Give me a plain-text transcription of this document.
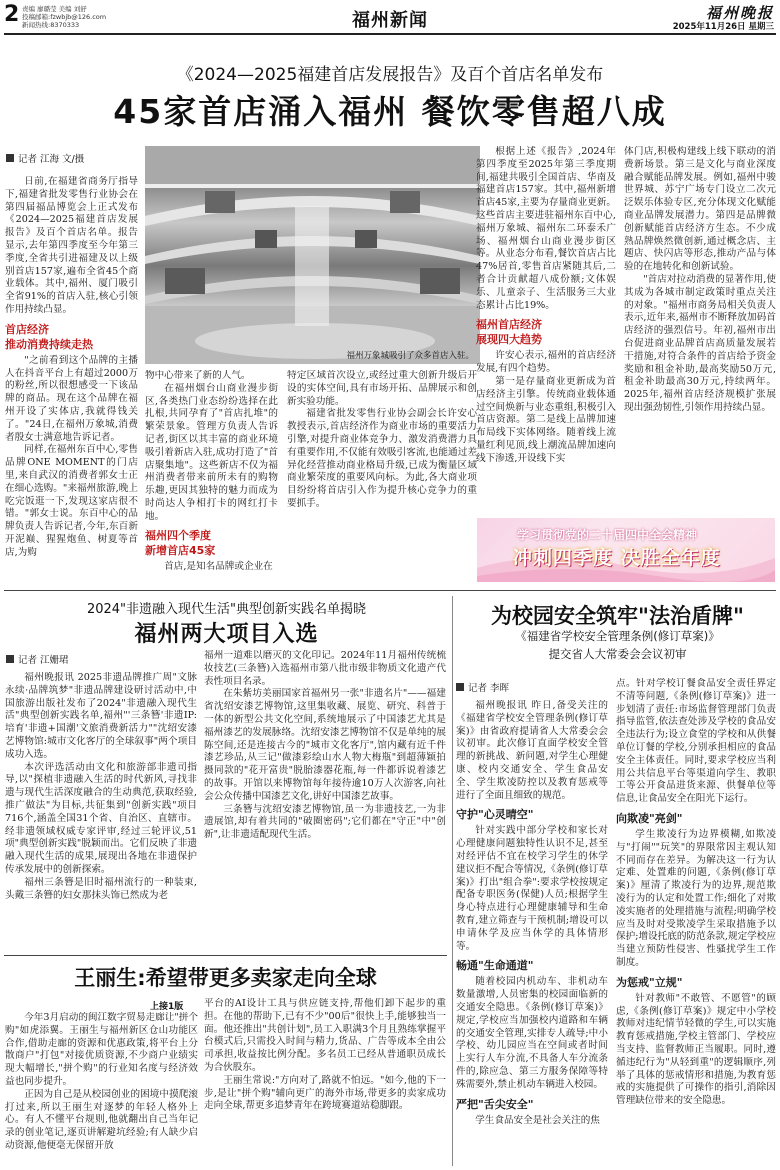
2 责编 廖璐莹 美编 刘舒
投稿邮箱:fzwbjb@126.com
新闻热线:8370333	福州新闻	福州晚报
2025年11月26日 星期三
《2024—2025福建首店发展报告》及百个首店名单发布
45家首店涌入福州 餐饮零售超八成
记者 江海 文/摄

日前,在福建省商务厅指导下,福建省批发零售行业协会在第四届福品博览会上正式发布《2024—2025福建首店发展报告》及百个首店名单。报告显示,去年第四季度至今年第三季度,全省共引进福建及以上级别首店157家,遍布全省45个商业载体。其中,福州、厦门吸引全省91%的首店入驻,核心引领作用持续凸显。

首店经济
推动消费持续走热

"之前看到这个品牌的主播人在抖音平台上有超过2000万的粉丝,所以很想感受一下该品牌的商品。现在这个品牌在福州开设了实体店,我就得钱关了。"24日,在福州万象城,消费者殷女士满意地告诉记者。

同样,在福州东百中心,零售品牌ONE MOMENT的门店里,来自武汉的消费者郭女士正在细心选购。"来福州旅游,晚上吃完饭逛一下,发现这家店很不错。"郭女士说。东百中心的品牌负责人告诉记者,今年,东百新开泥巅、猩猩炮鱼、树夏等首店,为购

福州万象城吸引了众多首店入驻。

物中心带来了新的人气。

在福州烟台山商业漫步街区,各类热门业态纷纷选择在此扎根,共同孕育了"首店扎堆"的繁荣景象。管理方负责人告诉记者,街区以其丰富的商业环境吸引着新店入驻,成功打造了"首店聚集地"。这些新店不仅为福州消费者带来前所未有的购物乐趣,更因其独特的魅力而成为时尚达人争相打卡的网红打卡地。

福州四个季度
新增首店45家

首店,是知名品牌或企业在

特定区域首次设立,或经过重大创新升级后开设的实体空间,具有市场开拓、品牌展示和创新实验功能。

福建省批发零售行业协会副会长许安心教授表示,首店经济作为商业市场的重要活力引擎,对提升商业体竞争力、激发消费潜力具有重要作用,不仅能有效吸引客流,也能通过差异化经营推动商业格局升级,已成为衡量区域商业繁荣度的重要风向标。为此,各大商业项目纷纷将首店引入作为提升核心竞争力的重要抓手。

根据上述《报告》,2024年第四季度至2025年第三季度期间,福建共吸引全国首店、华南及福建首店157家。其中,福州新增首店45家,主要为存量商业更新。这些首店主要进驻福州东百中心,福州万象城、福州东二环泰禾广场、福州烟台山商业漫步街区等。从业态分布看,餐饮首店占比47%居首,零售首店紧随其后,二者合计贡献超八成份额;文体娱乐、儿童亲子、生活服务三大业态累计占比19%。

福州首店经济
展现四大趋势

许安心表示,福州的首店经济发展,有四个趋势。

第一是存量商业更新成为首店经济主引擎。传统商业载体通过空间焕新与业态重组,积极引入首店资源。第二是线上品牌加速布局线下实体网络。随着线上流量红利见顶,线上潮流品牌加速向线下渗透,开设线下实

体门店,积极构建线上线下联动的消费新场景。第三是文化与商业深度融合赋能品牌发展。例如,福州中骏世界城、苏宁广场专门设立二次元泛娱乐体验专区,充分体现文化赋能商业品牌发展潜力。第四是品牌微创新赋能首店经济方生态。不少成熟品牌焕然微创新,通过概念店、主题店、快闪店等形态,推动产品与体验的在地转化和创新试验。

"首店对拉动消费的显著作用,使其成为各城市制定政策时重点关注的对象。"福州市商务局相关负责人表示,近年来,福州市不断释放加码首店经济的强烈信号。年初,福州市出台促进商业品牌首店高质量发展若干措施,对符合条件的首店给予资金奖励和租金补助,最高奖励50万元,租金补助最高30万元,持续两年。2025年,福州首店经济规模扩张展现出强劲韧性,引领作用持续凸显。

学习贯彻党的二十届四中全会精神
冲刺四季度 决胜全年度
2024"非遗融入现代生活"典型创新实践名单揭晓
福州两大项目入选
记者 江姗珺

福州晚报讯 2025非遗品牌推广周"文脉永续·品牌筑梦"非遗品牌建设研讨活动中,中国旅游出版社发布了2024"非遗融入现代生活"典型创新实践名单,福州"'三条簪'非遗IP:培育'非遗+国潮'文旅消费新活力""沈绍安漆艺博物馆:城市文化客厅的全球叙事"两个项目成功入选。

本次评选活动由文化和旅游部非遗司指导,以"探植非遗融入生活的时代新风,寻找非遗与现代生活深度融合的生动典范,获取经验,推广做法"为目标,共征集到"创新实践"项目716个,涵盖全国31个省、自治区、直辖市。经非遗领域权威专家评审,经过三轮评议,51项"典型创新实践"脱颖而出。它们反映了非遗融入现代生活的成果,展现出各地在非遗保护传承发展中的创新探索。

福州三条簪是旧时福州流行的一种装束,头戴三条簪的妇女那抹头饰已然成为老

福州一道难以磨灭的文化印记。2024年11月福州传统梳妆技艺(三条簪)入选福州市第八批市级非物质文化遗产代表性项目名录。

在朱紫坊美丽国家首福州另一张"非遗名片"——福建省沈绍安漆艺博物馆,这里集收藏、展览、研究、科普于一体的新型公共文化空间,系统地展示了中国漆艺尤其是福州漆艺的发展脉络。沈绍安漆艺博物馆不仅是单纯的展陈空间,还是连接古今的"城市文化客厅",馆内藏有近千件漆艺珍品,从三记"做漆彩绘山水人物大梅瓶"到超薄颖拍摄同款的"花开富贵"脱胎漆器花瓶,每一件都诉说着漆艺的故事。开馆以来博物馆每年接待逾10万人次游客,向社会公众传播中国漆艺文化,讲好中国漆艺故事。

三条簪与沈绍安漆艺博物馆,虽一为非遗技艺,一为非遗展馆,却有着共同的"破圈密码";它们都在"守正"中"创新",让非遗适配现代生活。

王丽生:希望带更多卖家走向全球
上接1版

今年3月启动的闽江数字贸易走廊让"拼个购"如虎添翼。王丽生与福州新区仓山功能区合作,借助走廊的资源和优惠政策,将平台上分散商户"打包"对接优质资源,不少商户业绩实现大幅增长,"拼个购"的行业知名度与经济效益也同步提升。

正因为自己是从校园创业的困境中摸爬滚打过来,所以王丽生对逐梦的年轻人格外上心。有人不懂平台规则,他就翻出自己当年记录的创业笔记,逐页讲解避坑经验;有人缺少启动资源,他便毫无保留开放

平台的AI设计工具与供应链支持,帮他们卸下起步的重担。在他的帮助下,已有不少"00后"很快上手,能够独当一面。他还推出"共创计划",员工入职满3个月且熟练掌握平台模式后,只需投入时间与精力,货品、广告等成本全由公司承担,收益按比例分配。多名员工已经从普通职员成长为合伙股东。

王丽生常说:"方向对了,路就不怕远。"如今,他的下一步,是让"拼个购"辅向更广的海外市场,带更多的卖家成功走向全球,帮更多追梦青年在跨境赛道站稳脚跟。

为校园安全筑牢"法治盾牌"
《福建省学校安全管理条例(修订草案)》
提交省人大常委会会议初审
记者 李晖

福州晚报讯 昨日,备受关注的《福建省学校安全管理条例(修订草案)》由省政府提请省人大常委会会议初审。此次修订直面学校安全管理的新挑战、新问题,对学生心理健康、校内交通安全、学生食品安全、学生欺凌防控以及教育惩戒等进行了全面且细致的规范。

守护"心灵晴空"

针对实践中部分学校和家长对心理健康问题独特性认识不足,甚至对经评估不宜在校学习学生的休学建议拒不配合等情况,《条例(修订草案)》打出"组合拳":要求学校按规定配备专职医务(保健)人员;根据学生身心特点进行心理健康辅导和生命教育,建立筛查与干预机制;增设可以申请休学及应当休学的具体情形等。

畅通"生命通道"

随着校园内机动车、非机动车数量激增,人员密集的校园面临新的交通安全隐患。《条例(修订草案)》规定,学校应当加强校内道路和车辆的交通安全管理,实排专人疏导;中小学校、幼儿园应当在空间或者时间上实行人车分流,不具备人车分流条件的,除应急、第三方服务保障等特殊需要外,禁止机动车辆进入校园。

严把"舌尖安全"

学生食品安全是社会关注的焦

点。针对学校订餐食品安全责任界定不清等问题,《条例(修订草案)》进一步划清了责任:市场监督管理部门负责指导监管,依法查处涉及学校的食品安全违法行为;设立食堂的学校和从供餐单位订餐的学校,分别承担相应的食品安全主体责任。同时,要求学校应当利用公共信息平台等渠道向学生、教职工等公开食品进货来源、供餐单位等信息,让食品安全在阳光下运行。

向欺凌"亮剑"

学生欺凌行为边界模糊,如欺凌与"打闹""玩笑"的界限常因主观认知不同而存在差异。为解决这一行为认定难、处置难的问题,《条例(修订草案)》厘清了欺凌行为的边界,规范欺凌行为的认定和处置工作;细化了对欺凌实施者的处理措施与流程;明确学校应当及时对受欺凌学生采取措施予以保护;增设托底的防范条款,规定学校应当建立预防性侵害、性骚扰学生工作制度。

为惩戒"立规"

针对教师"不敢管、不愿管"的顾虑,《条例(修订草案)》规定中小学校教师对违纪情节轻微的学生,可以实施教育惩戒措施,学校主管部门、学校应当支持、监督教师正当履职。同时,遵循违纪行为"从轻到重"的逻辑顺序,列举了具体的惩戒情形和措施,为教育惩戒的实施提供了可操作的指引,消除因管理缺位带来的安全隐患。
